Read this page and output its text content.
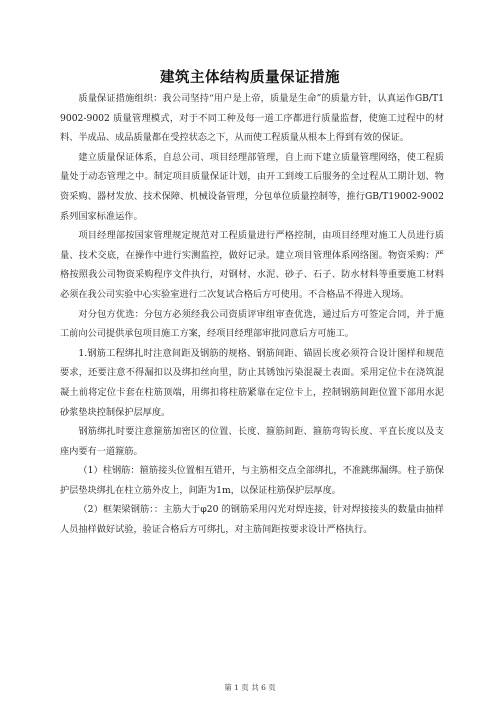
建筑主体结构质量保证措施

质量保证措施组织：我公司坚持“用户是上帝，质量是生命”的质量方针，认真运作GB/T19002-9002 质量管理模式，对于不同工种及每一道工序都进行质量监督，使施工过程中的材料、半成品、成品质量都在受控状态之下，从而使工程质量从根本上得到有效的保证。

建立质量保证体系，自总公司、项目经理部管理，自上而下建立质量管理网络，使工程质量处于动态管理之中。制定项目质量保证计划，由开工到竣工后服务的全过程从工期计划、物资采购、器材发放、技术保障、机械设备管理，分包单位质量控制等，推行GB/T19002-9002 系列国家标准运作。

项目经理部按国家管理规定规范对工程质量进行严格控制，由项目经理对施工人员进行质量、技术交底，在操作中进行实测监控，做好记录。建立项目管理体系网络图。物资采购：严格按照我公司物资采购程序文件执行，对钢材、水泥、砂子、石子、防水材料等重要施工材料必须在我公司实验中心实验室进行二次复试合格后方可使用。不合格品不得进入现场。

对分包方优选：分包方必须经我公司资质评审组审查优选，通过后方可签定合同，并于施工前向公司提供承包项目施工方案，经项目经理部审批同意后方可施工。

1.钢筋工程绑扎时注意间距及钢筋的规格、钢筋间距、锚固长度必须符合设计图样和规范要求，还要注意不得漏扣以及绑扣丝向里，防止其锈蚀污染混凝土表面。采用定位卡在浇筑混凝土前将定位卡套在柱筋顶端，用绑扣将柱筋紧靠在定位卡上，控制钢筋间距位置下部用水泥砂浆垫块控制保护层厚度。

钢筋绑扎时要注意箍筋加密区的位置、长度、箍筋间距、箍筋弯钩长度、平直长度以及支座内要有一道箍筋。

（1）柱钢筋：箍筋接头位置相互错开，与主筋相交点全部绑扎，不准跳绑漏绑。柱子筋保护层垫块绑扎在柱立筋外皮上，间距为1m，以保证柱筋保护层厚度。

（2）框架梁钢筋：：主筋大于φ20 的钢筋采用闪光对焊连接，针对焊接接头的数量由抽样人员抽样做好试验，验证合格后方可绑扎，对主筋间距按要求设计严格执行。

第 1 页 共 6 页
